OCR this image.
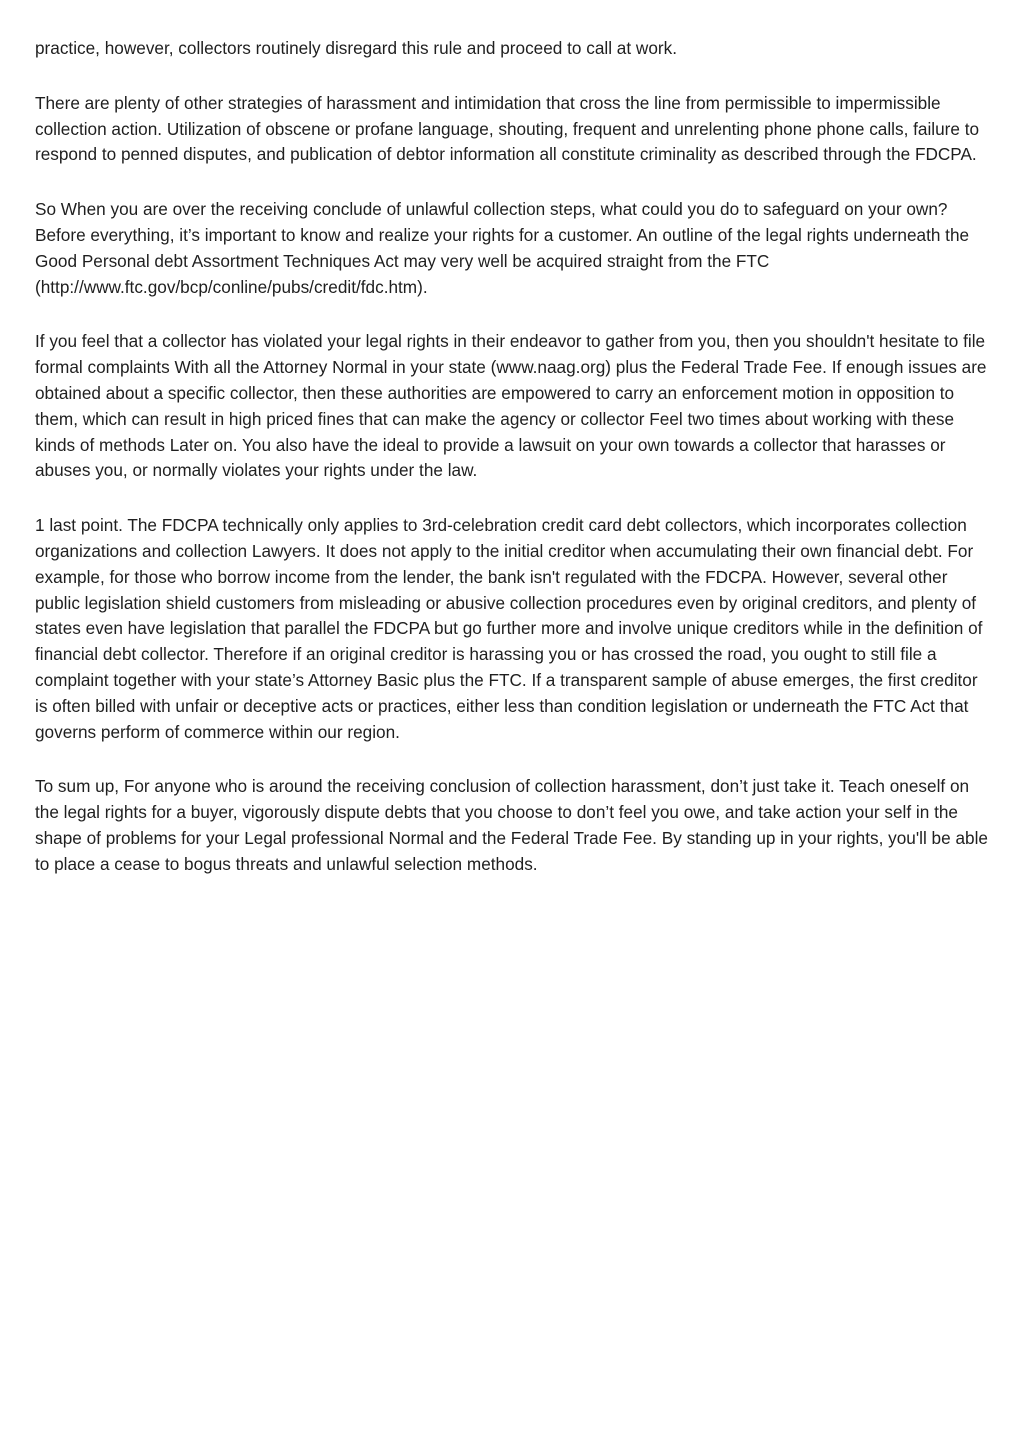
practice, however, collectors routinely disregard this rule and proceed to call at work.

There are plenty of other strategies of harassment and intimidation that cross the line from permissible to impermissible collection action. Utilization of obscene or profane language, shouting, frequent and unrelenting phone phone calls, failure to respond to penned disputes, and publication of debtor information all constitute criminality as described through the FDCPA.

So When you are over the receiving conclude of unlawful collection steps, what could you do to safeguard on your own? Before everything, it’s important to know and realize your rights for a customer. An outline of the legal rights underneath the Good Personal debt Assortment Techniques Act may very well be acquired straight from the FTC (http://www.ftc.gov/bcp/conline/pubs/credit/fdc.htm).

If you feel that a collector has violated your legal rights in their endeavor to gather from you, then you shouldn't hesitate to file formal complaints With all the Attorney Normal in your state (www.naag.org) plus the Federal Trade Fee. If enough issues are obtained about a specific collector, then these authorities are empowered to carry an enforcement motion in opposition to them, which can result in high priced fines that can make the agency or collector Feel two times about working with these kinds of methods Later on. You also have the ideal to provide a lawsuit on your own towards a collector that harasses or abuses you, or normally violates your rights under the law.

1 last point. The FDCPA technically only applies to 3rd-celebration credit card debt collectors, which incorporates collection organizations and collection Lawyers. It does not apply to the initial creditor when accumulating their own financial debt. For example, for those who borrow income from the lender, the bank isn't regulated with the FDCPA. However, several other public legislation shield customers from misleading or abusive collection procedures even by original creditors, and plenty of states even have legislation that parallel the FDCPA but go further more and involve unique creditors while in the definition of financial debt collector. Therefore if an original creditor is harassing you or has crossed the road, you ought to still file a complaint together with your state’s Attorney Basic plus the FTC. If a transparent sample of abuse emerges, the first creditor is often billed with unfair or deceptive acts or practices, either less than condition legislation or underneath the FTC Act that governs perform of commerce within our region.

To sum up, For anyone who is around the receiving conclusion of collection harassment, don’t just take it. Teach oneself on the legal rights for a buyer, vigorously dispute debts that you choose to don’t feel you owe, and take action your self in the shape of problems for your Legal professional Normal and the Federal Trade Fee. By standing up in your rights, you'll be able to place a cease to bogus threats and unlawful selection methods.
